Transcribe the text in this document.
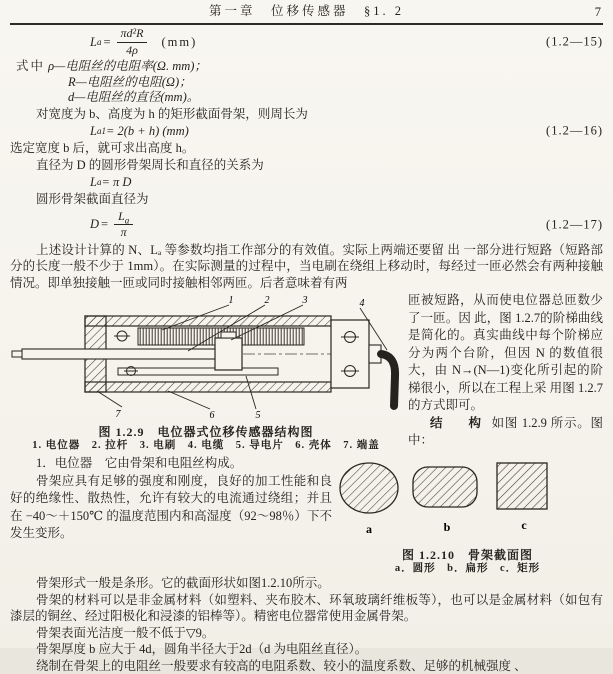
第一章　位移传感器　§1. 2	7
L $a = \frac{\text{πd²R}}{4\rho} (mm)$	(1.2—15)

式中 ρ—电阻丝的电阻率(Ω. mm)；

R—电阻丝的电阻(Ω)；

d—电阻丝的直径(mm)。

对宽度为 b、高度为 h 的矩形截面骨架，则周长为

L a1 = 2(b + h) (mm)	(1.2—16)

选定宽度 b 后，就可求出高度 h。

直径为 D 的圆形骨架周长和直径的关系为

L a = π D

圆形骨架截面直径为

$D = \frac{L_a}{\pi}$	(1.2—17)

上述设计计算的 N、Lₐ 等参数均指工作部分的有效值。实际上两端还要留 出 一部分进行短路（短路部分的长度一般不少于 1mm）。在实际测量的过程中，当电刷在绕组上移动时，每经过一匝必然会有两种接触情况。即单独接触一匝或同时接触相邻两匝。后者意味着有两

1	2	3	4
7	6	5
图 1.2.9　电位器式位移传感器结构图
1. 电位器　2. 拉杆　3. 电刷　4. 电缆　5. 导电片　6. 壳体　7. 端盖

匝被短路，从而使电位器总匝数少了一匝。因 此，图 1.2.7的阶梯曲线是简化的。真实曲线中每个阶梯应分为两个台阶，但因 N 的数值很大，由 N→(N—1)变化所引起的阶梯很小，所以在工程上采 用图 1.2.7 的方式即可。

结　构 如图 1.2.9 所示。图中：

1．电位器　它由骨架和电阻丝构成。

骨架应具有足够的强度和刚度，良好的加工性能和良好的绝缘性、散热性，允许有较大的电流通过绕组；并且在 −40～＋150℃ 的温度范围内和高湿度（92～98％）下不发生变形。	a	b	c
图 1.2.10　骨架截面图
a．圆形　b．扁形　c．矩形

骨架形式一般是条形。它的截面形状如图1.2.10所示。

骨架的材料可以是非金属材料（如塑料、夹布胶木、环氧玻璃纤维板等），也可以是金属材料（如包有漆层的铜丝、经过阳极化和浸漆的铝棒等）。精密电位器常使用金属骨架。

骨架表面光洁度一般不低于▽9。

骨架厚度 b 应大于 4d，圆角半径大于2d（d 为电阻丝直径）。

绕制在骨架上的电阻丝一般要求有较高的电阻系数、较小的温度系数、足够的机械强度 、
